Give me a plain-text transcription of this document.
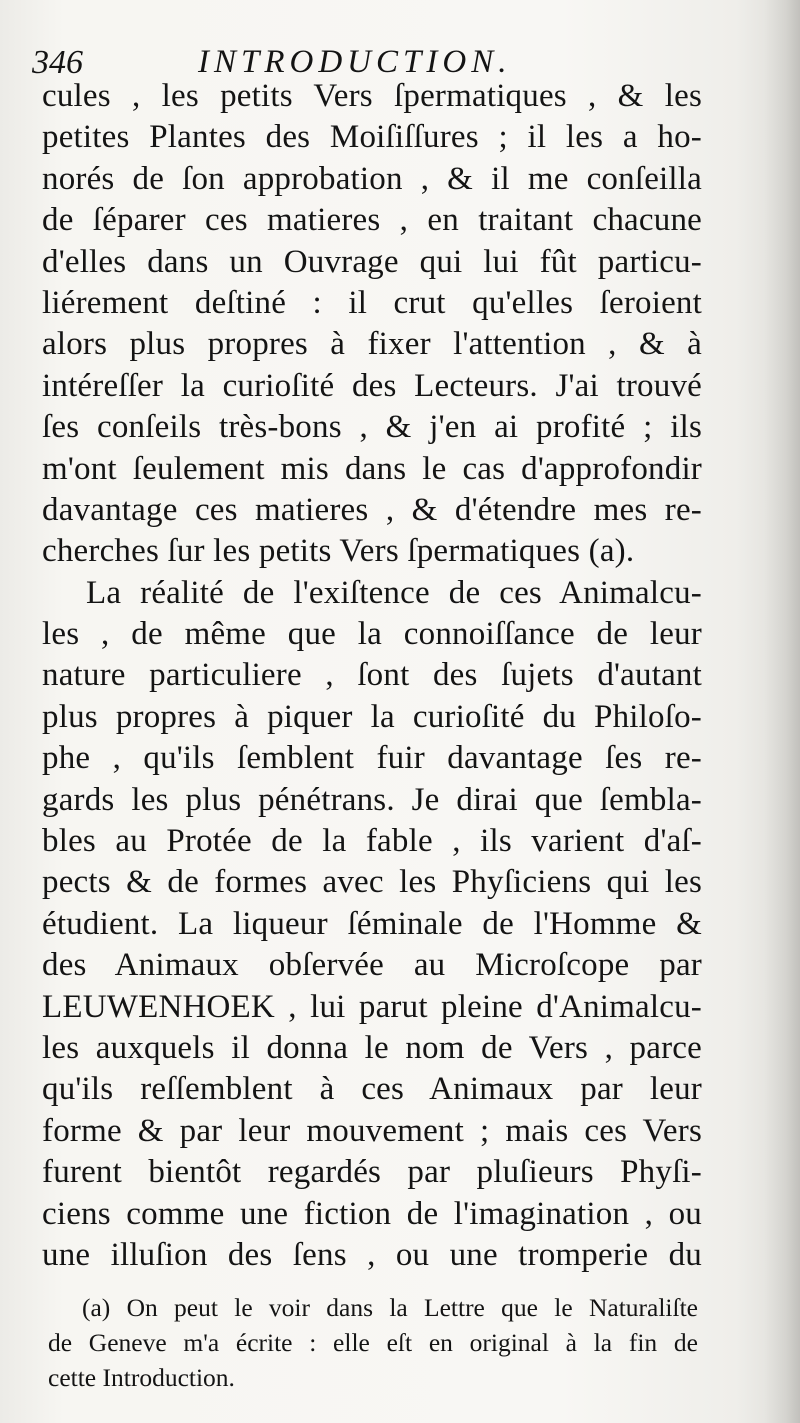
346	INTRODUCTION.
cules , les petits Vers ſpermatiques , & les
petites Plantes des Moiſiſſures ; il les a ho-
norés de ſon approbation , & il me conſeilla
de ſéparer ces matieres , en traitant chacune
d'elles dans un Ouvrage qui lui fût particu-
liérement deſtiné : il crut qu'elles ſeroient
alors plus propres à fixer l'attention , & à
intéreſſer la curioſité des Lecteurs. J'ai trouvé
ſes conſeils très-bons , & j'en ai profité ; ils
m'ont ſeulement mis dans le cas d'approfondir
davantage ces matieres , & d'étendre mes re-
cherches ſur les petits Vers ſpermatiques (a).
La réalité de l'exiſtence de ces Animalcu-
les , de même que la connoiſſance de leur
nature particuliere , ſont des ſujets d'autant
plus propres à piquer la curioſité du Philoſo-
phe , qu'ils ſemblent fuir davantage ſes re-
gards les plus pénétrans. Je dirai que ſembla-
bles au Protée de la fable , ils varient d'aſ-
pects & de formes avec les Phyſiciens qui les
étudient. La liqueur ſéminale de l'Homme &
des Animaux obſervée au Microſcope par
LEUWENHOEK , lui parut pleine d'Animalcu-
les auxquels il donna le nom de Vers , parce
qu'ils reſſemblent à ces Animaux par leur
forme & par leur mouvement ; mais ces Vers
furent bientôt regardés par pluſieurs Phyſi-
ciens comme une fiction de l'imagination , ou
une illuſion des ſens , ou une tromperie du
(a) On peut le voir dans la Lettre que le Naturaliſte
de Geneve m'a écrite : elle eſt en original à la fin de
cette Introduction.
